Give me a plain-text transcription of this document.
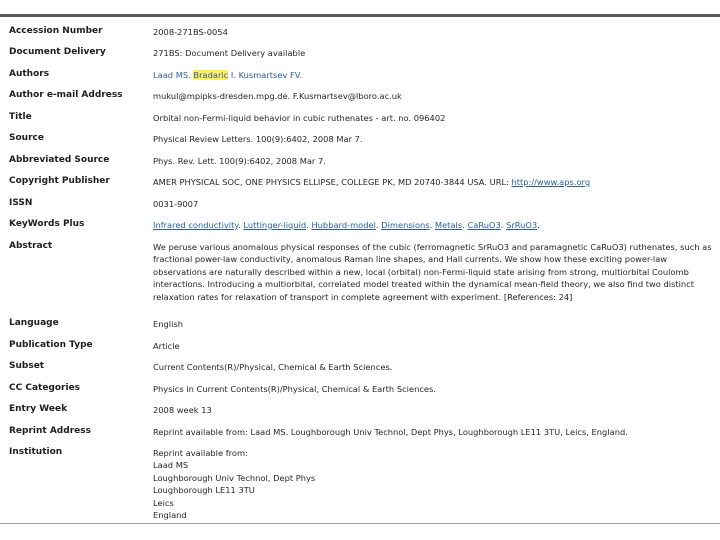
Accession Number	2008-271BS-0054
Document Delivery	271BS: Document Delivery available
Authors	Laad MS. Bradaric I. Kusmartsev FV.
Author e-mail Address	mukul@mpipks-dresden.mpg.de. F.Kusmartsev@lboro.ac.uk
Title	Orbital non-Fermi-liquid behavior in cubic ruthenates - art. no. 096402
Source	Physical Review Letters. 100(9):6402, 2008 Mar 7.
Abbreviated Source	Phys. Rev. Lett. 100(9):6402, 2008 Mar 7.
Copyright Publisher	AMER PHYSICAL SOC, ONE PHYSICS ELLIPSE, COLLEGE PK, MD 20740-3844 USA. URL: http://www.aps.org
ISSN	0031-9007
KeyWords Plus	Infrared conductivity. Luttinger-liquid. Hubbard-model. Dimensions. Metals. CaRuO3. SrRuO3.
Abstract	We peruse various anomalous physical responses of the cubic (ferromagnetic SrRuO3 and paramagnetic CaRuO3) ruthenates, such as fractional power-law conductivity, anomalous Raman line shapes, and Hall currents. We show how these exciting power-law observations are naturally described within a new, local (orbital) non-Fermi-liquid state arising from strong, multiorbital Coulomb interactions. Introducing a multiorbital, correlated model treated within the dynamical mean-field theory, we also find two distinct relaxation rates for relaxation of transport in complete agreement with experiment. [References: 24]
Language	English
Publication Type	Article
Subset	Current Contents(R)/Physical, Chemical & Earth Sciences.
CC Categories	Physics in Current Contents(R)/Physical, Chemical & Earth Sciences.
Entry Week	2008 week 13
Reprint Address	Reprint available from: Laad MS. Loughborough Univ Technol, Dept Phys, Loughborough LE11 3TU, Leics, England.
Institution	Reprint available from:
Laad MS
Loughborough Univ Technol, Dept Phys
Loughborough LE11 3TU
Leics
England
